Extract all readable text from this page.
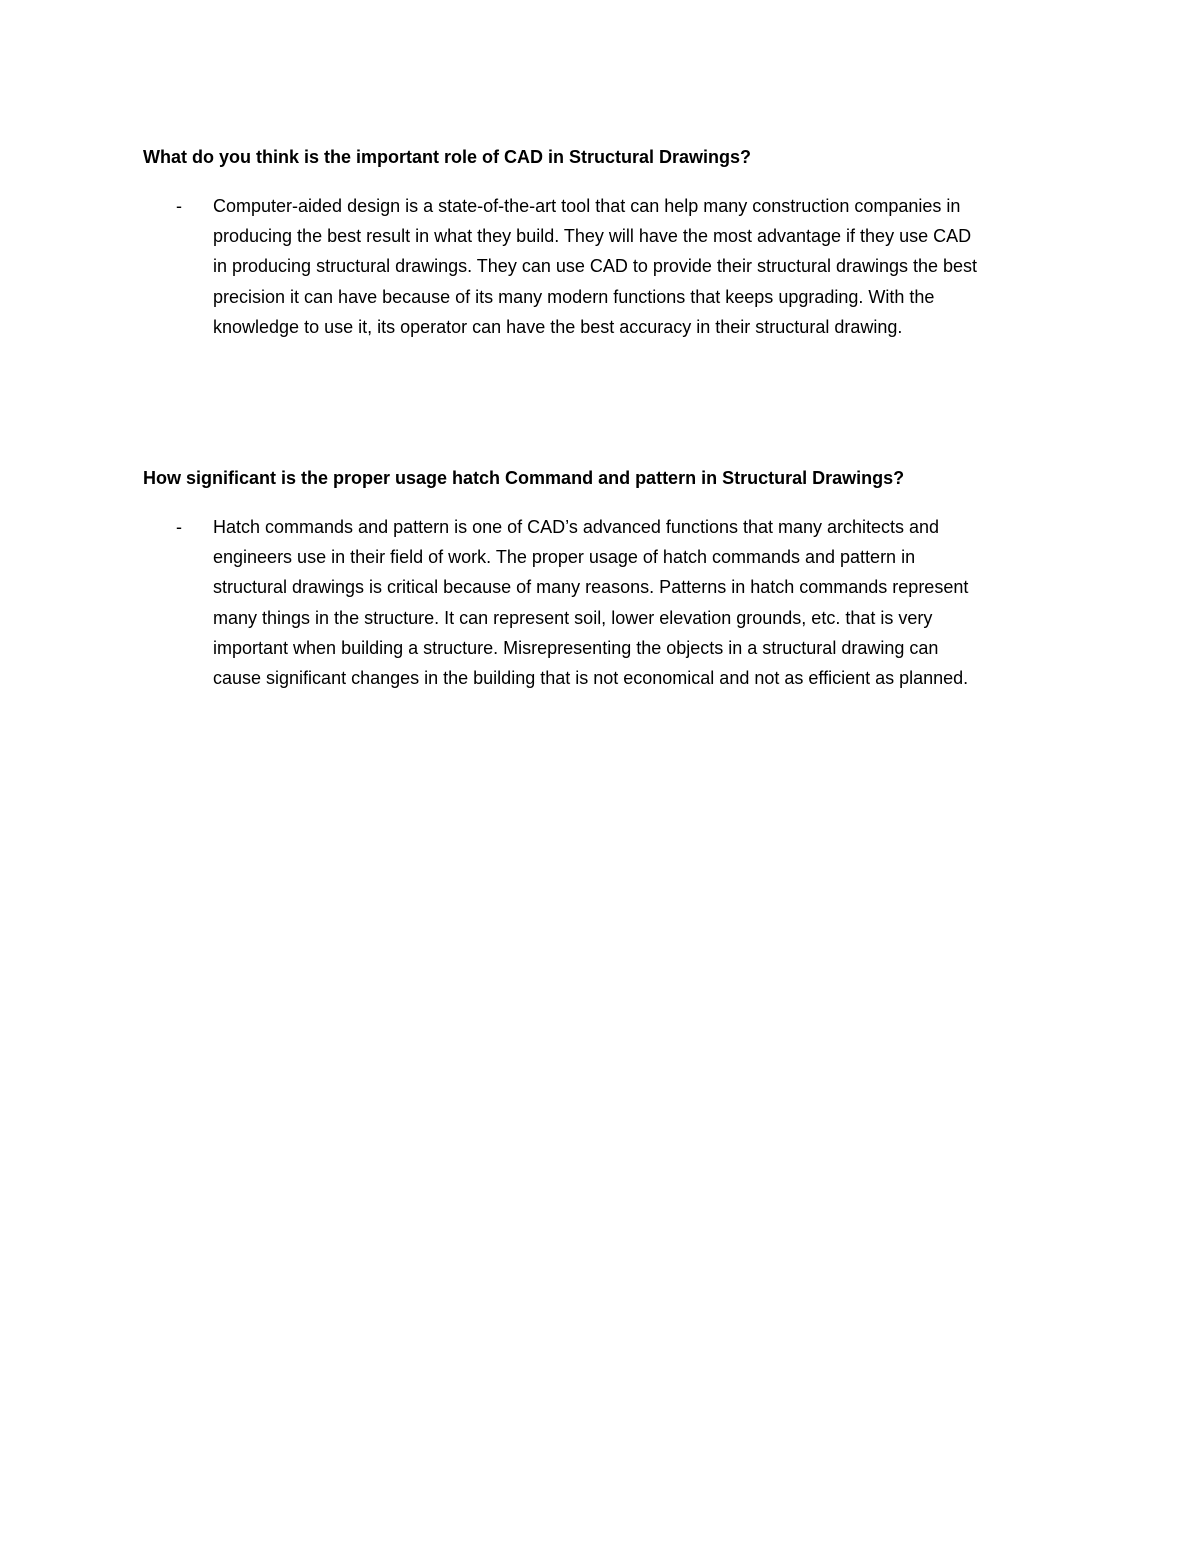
What do you think is the important role of CAD in Structural Drawings?
- Computer-aided design is a state-of-the-art tool that can help many construction companies in
producing the best result in what they build. They will have the most advantage if they use CAD
in producing structural drawings. They can use CAD to provide their structural drawings the best
precision it can have because of its many modern functions that keeps upgrading. With the
knowledge to use it, its operator can have the best accuracy in their structural drawing.
How significant is the proper usage hatch Command and pattern in Structural Drawings?
- Hatch commands and pattern is one of CAD’s advanced functions that many architects and
engineers use in their field of work. The proper usage of hatch commands and pattern in
structural drawings is critical because of many reasons. Patterns in hatch commands represent
many things in the structure. It can represent soil, lower elevation grounds, etc. that is very
important when building a structure. Misrepresenting the objects in a structural drawing can
cause significant changes in the building that is not economical and not as efficient as planned.
